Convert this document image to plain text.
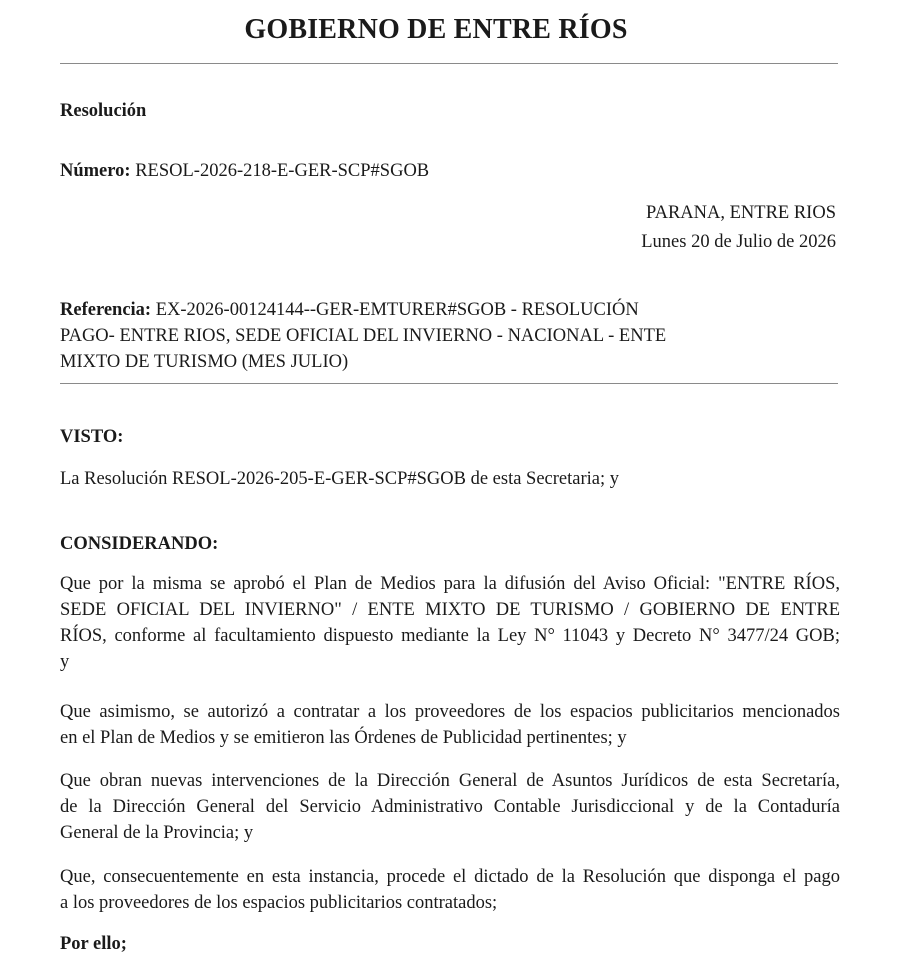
GOBIERNO DE ENTRE RÍOS
Resolución
Número: RESOL-2026-218-E-GER-SCP#SGOB
PARANA, ENTRE RIOS
Lunes 20 de Julio de 2026
Referencia: EX-2026-00124144--GER-EMTURER#SGOB - RESOLUCIÓN
PAGO- ENTRE RIOS, SEDE OFICIAL DEL INVIERNO - NACIONAL - ENTE
MIXTO DE TURISMO (MES JULIO)
VISTO:
La Resolución RESOL-2026-205-E-GER-SCP#SGOB de esta Secretaria; y
CONSIDERANDO:
Que por la misma se aprobó el Plan de Medios para la difusión del Aviso Oficial: "ENTRE RÍOS,
SEDE OFICIAL DEL INVIERNO" / ENTE MIXTO DE TURISMO / GOBIERNO DE ENTRE
RÍOS, conforme al facultamiento dispuesto mediante la Ley N° 11043 y Decreto N° 3477/24 GOB;
y
Que asimismo, se autorizó a contratar a los proveedores de los espacios publicitarios mencionados
en el Plan de Medios y se emitieron las Órdenes de Publicidad pertinentes; y
Que obran nuevas intervenciones de la Dirección General de Asuntos Jurídicos de esta Secretaría,
de la Dirección General del Servicio Administrativo Contable Jurisdiccional y de la Contaduría
General de la Provincia; y
Que, consecuentemente en esta instancia, procede el dictado de la Resolución que disponga el pago
a los proveedores de los espacios publicitarios contratados;
Por ello;
